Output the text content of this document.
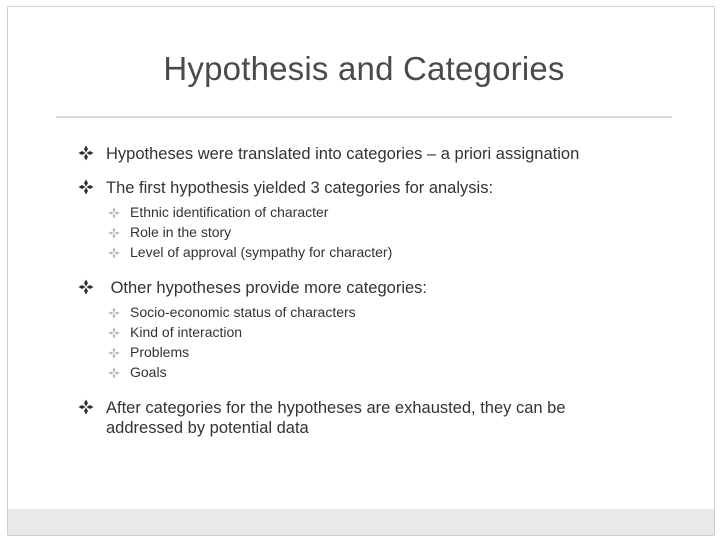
Hypothesis and Categories
Hypotheses were translated into categories – a priori assignation
The first hypothesis yielded 3 categories for analysis:
Ethnic identification of character
Role in the story
Level of approval (sympathy for character)
Other hypotheses provide more categories:
Socio-economic status of characters
Kind of interaction
Problems
Goals
After categories for the hypotheses are exhausted, they can be addressed by potential data
